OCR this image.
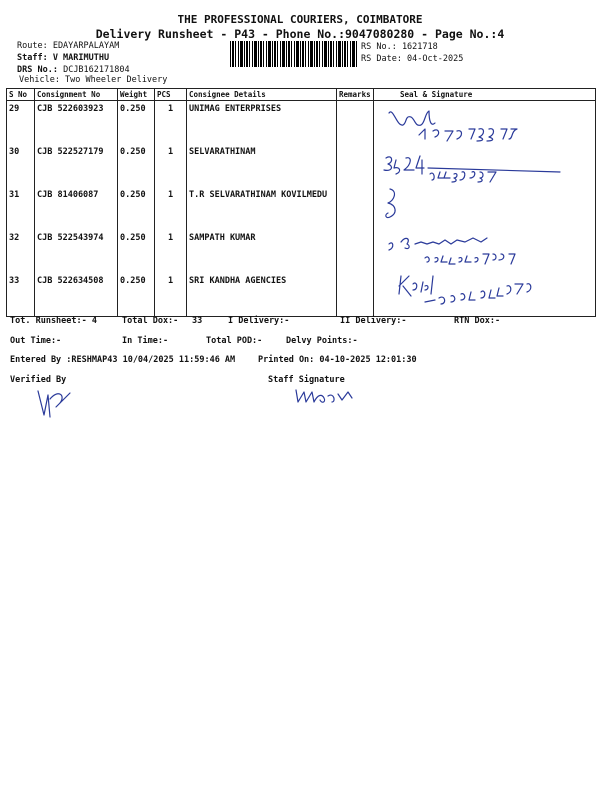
THE PROFESSIONAL COURIERS, COIMBATORE
Delivery Runsheet - P43 - Phone No.:9047080280 - Page No.:4
Route: EDAYARPALAYAM
Staff: V MARIMUTHU
DRS No.: DCJB162171804
Vehicle: Two Wheeler Delivery
RS No.: 1621718
RS Date: 04-Oct-2025
S No	Consignment No	Weight	PCS	Consignee Details	Remarks	Seal & Signature
29	CJB 522603923	0.250	1	UNIMAG ENTERPRISES		
30	CJB 522527179	0.250	1	SELVARATHINAM		
31	CJB 81406087	0.250	1	T.R SELVARATHINAM KOVILMEDU		
32	CJB 522543974	0.250	1	SAMPATH KUMAR		
33	CJB 522634508	0.250	1	SRI KANDHA AGENCIES		
Tot. Runsheet:- 4	Total Dox:- 33	I Delivery:-	II Delivery:-	RTN Dox:-
Out Time:-	In Time:-	Total POD:-	Delvy Points:-
Entered By :RESHMAP43 10/04/2025 11:59:46 AM	Printed On: 04-10-2025 12:01:30
Verified By	Staff Signature
